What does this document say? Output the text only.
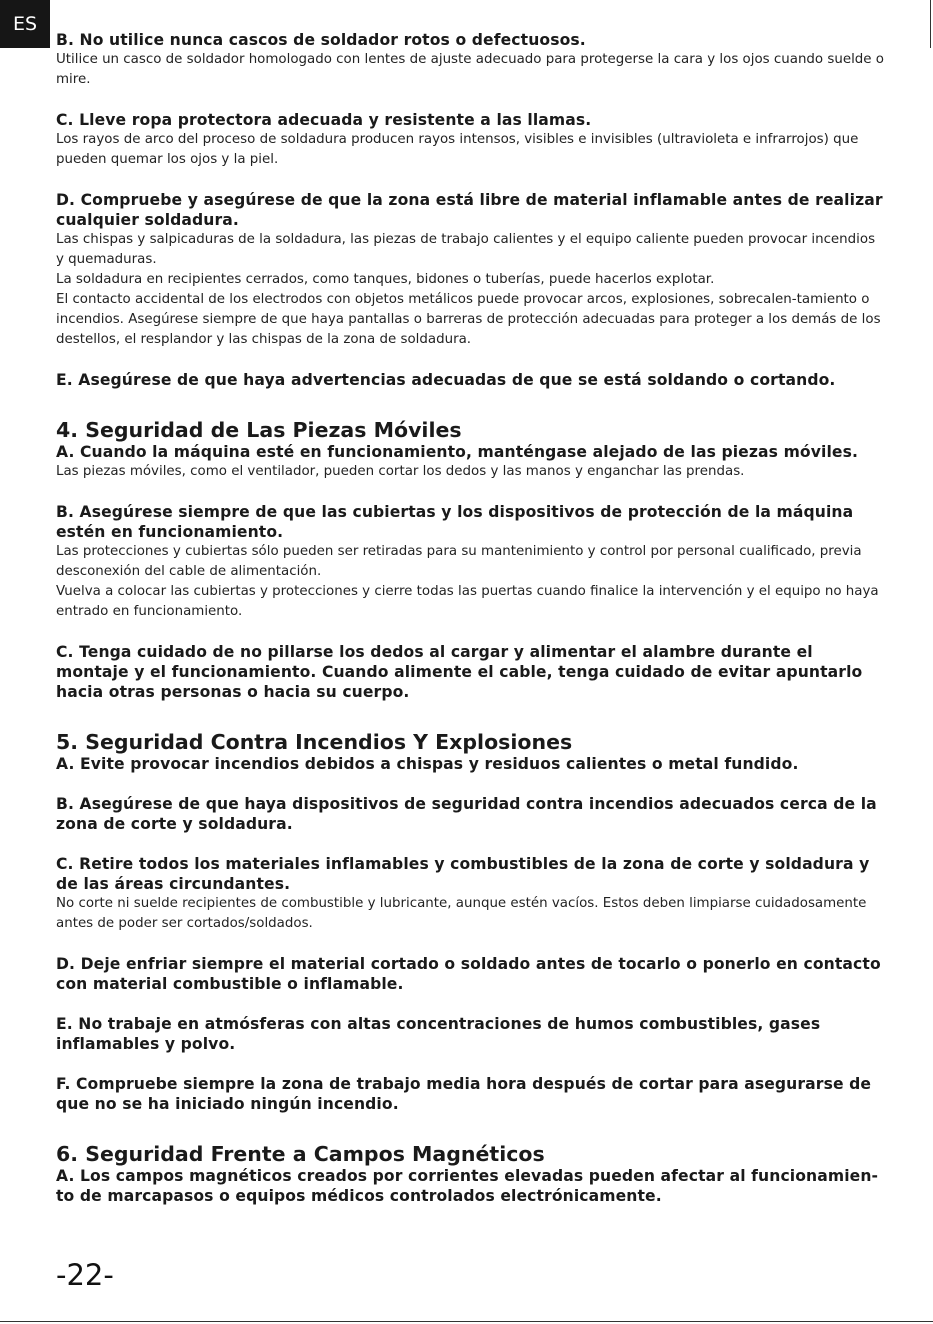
ES

B. No utilice nunca cascos de soldador rotos o defectuosos.

Utilice un casco de soldador homologado con lentes de ajuste adecuado para protegerse la cara y los ojos cuando suelde o mire.

C. Lleve ropa protectora adecuada y resistente a las llamas.

Los rayos de arco del proceso de soldadura producen rayos intensos, visibles e invisibles (ultravioleta e infrarrojos) que pueden quemar los ojos y la piel.

D. Compruebe y asegúrese de que la zona está libre de material inflamable antes de realizar cualquier soldadura.

Las chispas y salpicaduras de la soldadura, las piezas de trabajo calientes y el equipo caliente pueden provocar incendios y quemaduras.

La soldadura en recipientes cerrados, como tanques, bidones o tuberías, puede hacerlos explotar.

El contacto accidental de los electrodos con objetos metálicos puede provocar arcos, explosiones, sobrecalen-tamiento o incendios. Asegúrese siempre de que haya pantallas o barreras de protección adecuadas para proteger a los demás de los destellos, el resplandor y las chispas de la zona de soldadura.

E. Asegúrese de que haya advertencias adecuadas de que se está soldando o cortando.

4. Seguridad de Las Piezas Móviles

A. Cuando la máquina esté en funcionamiento, manténgase alejado de las piezas móviles.

Las piezas móviles, como el ventilador, pueden cortar los dedos y las manos y enganchar las prendas.

B. Asegúrese siempre de que las cubiertas y los dispositivos de protección de la máquina estén en funcionamiento.

Las protecciones y cubiertas sólo pueden ser retiradas para su mantenimiento y control por personal cualificado, previa desconexión del cable de alimentación.

Vuelva a colocar las cubiertas y protecciones y cierre todas las puertas cuando finalice la intervención y el equipo no haya entrado en funcionamiento.

C. Tenga cuidado de no pillarse los dedos al cargar y alimentar el alambre durante el montaje y el funcionamiento. Cuando alimente el cable, tenga cuidado de evitar apuntarlo hacia otras personas o hacia su cuerpo.

5. Seguridad Contra Incendios Y Explosiones

A. Evite provocar incendios debidos a chispas y residuos calientes o metal fundido.

B. Asegúrese de que haya dispositivos de seguridad contra incendios adecuados cerca de la zona de corte y soldadura.

C. Retire todos los materiales inflamables y combustibles de la zona de corte y soldadura y de las áreas circundantes.

No corte ni suelde recipientes de combustible y lubricante, aunque estén vacíos. Estos deben limpiarse cuidadosamente antes de poder ser cortados/soldados.

D. Deje enfriar siempre el material cortado o soldado antes de tocarlo o ponerlo en contacto con material combustible o inflamable.

E. No trabaje en atmósferas con altas concentraciones de humos combustibles, gases inflamables y polvo.

F. Compruebe siempre la zona de trabajo media hora después de cortar para asegurarse de que no se ha iniciado ningún incendio.

6. Seguridad Frente a Campos Magnéticos

A. Los campos magnéticos creados por corrientes elevadas pueden afectar al funcionamien-to de marcapasos o equipos médicos controlados electrónicamente.

-22-
